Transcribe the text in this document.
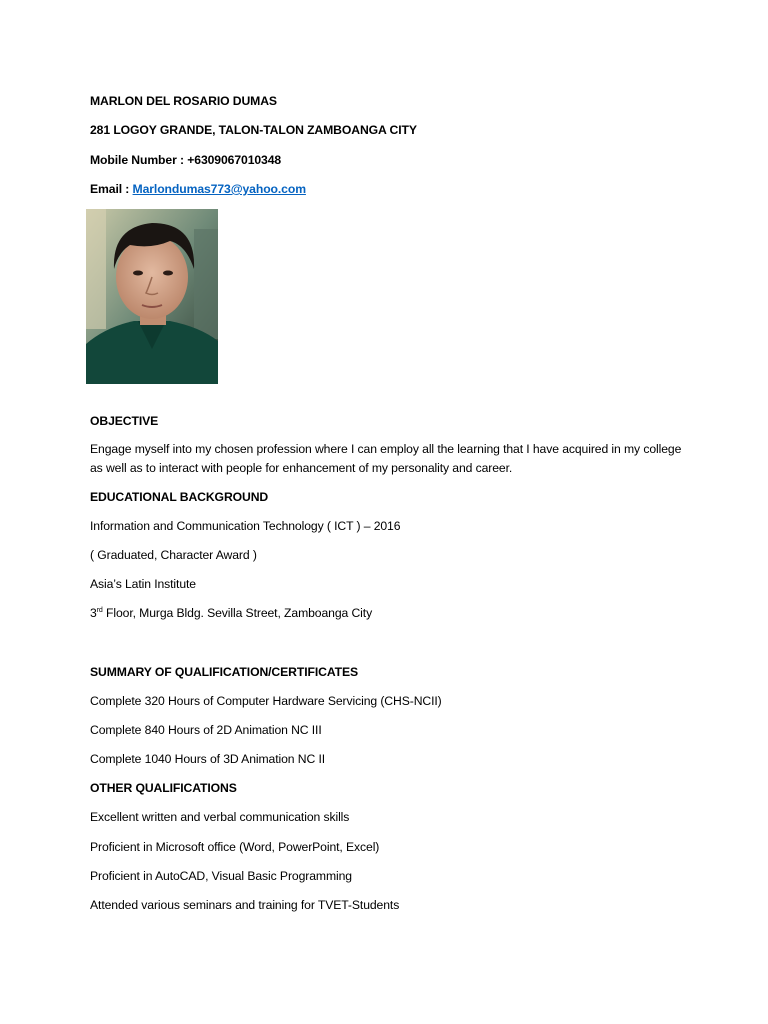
MARLON DEL ROSARIO DUMAS
281 LOGOY GRANDE, TALON-TALON ZAMBOANGA CITY
Mobile Number : +6309067010348
Email : Marlondumas773@yahoo.com
OBJECTIVE
Engage myself into my chosen profession where I can employ all the learning that I have acquired in my college as well as to interact with people for enhancement of my personality and career.
EDUCATIONAL BACKGROUND
Information and Communication Technology ( ICT ) – 2016
( Graduated, Character Award )
Asia’s Latin Institute
3rd Floor, Murga Bldg. Sevilla Street, Zamboanga City
SUMMARY OF QUALIFICATION/CERTIFICATES
Complete 320 Hours of Computer Hardware Servicing (CHS-NCII)
Complete 840 Hours of 2D Animation NC III
Complete 1040 Hours of 3D Animation NC II
OTHER QUALIFICATIONS
Excellent written and verbal communication skills
Proficient in Microsoft office (Word, PowerPoint, Excel)
Proficient in AutoCAD, Visual Basic Programming
Attended various seminars and training for TVET-Students
